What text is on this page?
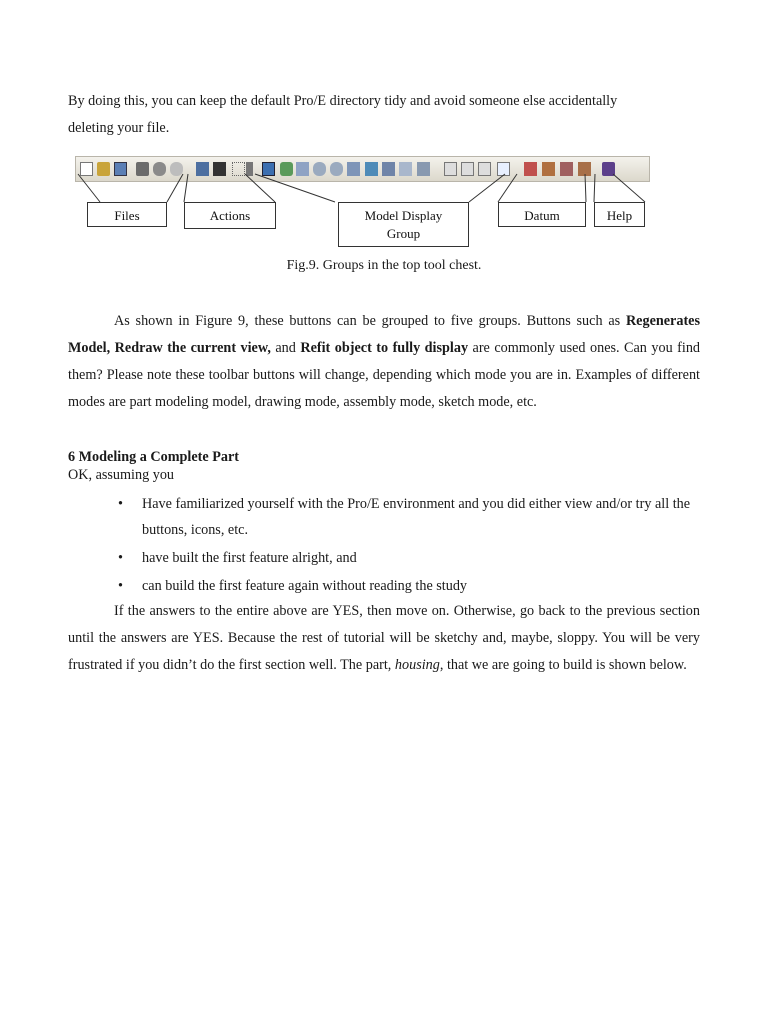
By doing this, you can keep the default Pro/E directory tidy and avoid someone else accidentally
deleting your file.

Files	Actions	Model Display
Group
Datum	Help

Fig.9. Groups in the top tool chest.

As shown in Figure 9, these buttons can be grouped to five groups. Buttons such as Regenerates Model, Redraw the current view, and Refit object to fully display are commonly used ones. Can you find them? Please note these toolbar buttons will change, depending which mode you are in. Examples of different modes are part modeling model, drawing mode, assembly mode, sketch mode, etc.

6 Modeling a Complete Part

OK, assuming you

• Have familiarized yourself with the Pro/E environment and you did either view and/or try all the buttons, icons, etc.
• have built the first feature alright, and
• can build the first feature again without reading the study

If the answers to the entire above are YES, then move on. Otherwise, go back to the previous section until the answers are YES. Because the rest of tutorial will be sketchy and, maybe, sloppy. You will be very frustrated if you didn’t do the first section well. The part, housing, that we are going to build is shown below.
